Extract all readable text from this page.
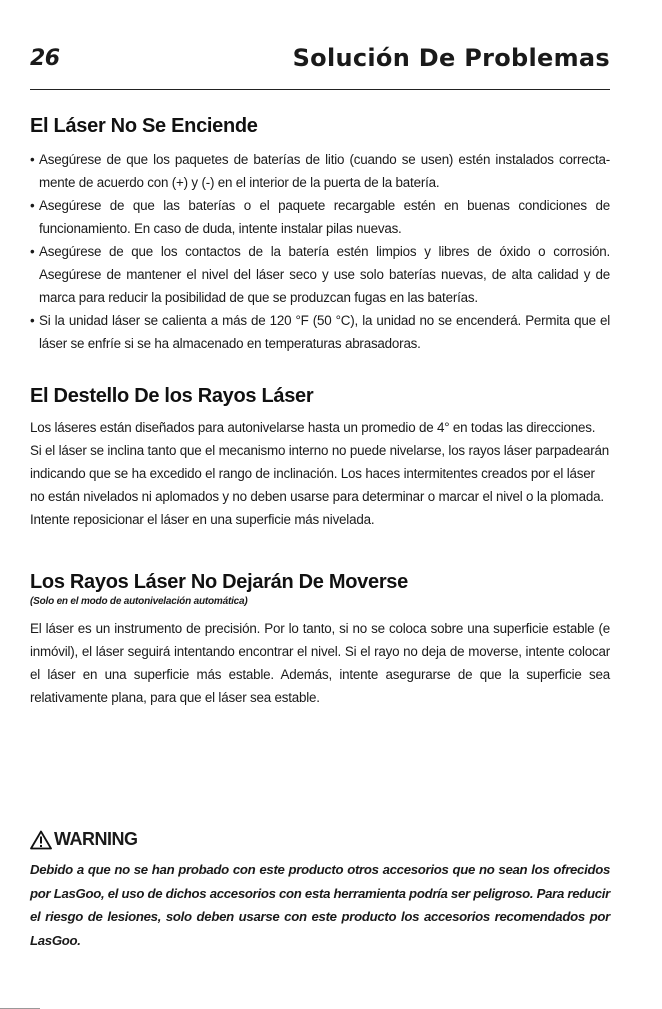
26	Solución De Problemas
El Láser No Se Enciende
• Asegúrese de que los paquetes de baterías de litio (cuando se usen) estén instalados correcta-mente de acuerdo con (+) y (-) en el interior de la puerta de la batería.
• Asegúrese de que las baterías o el paquete recargable estén en buenas condiciones de funcionamiento. En caso de duda, intente instalar pilas nuevas.
• Asegúrese de que los contactos de la batería estén limpios y libres de óxido o corrosión. Asegúrese de mantener el nivel del láser seco y use solo baterías nuevas, de alta calidad y de marca para reducir la posibilidad de que se produzcan fugas en las baterías.
• Si la unidad láser se calienta a más de 120 °F (50 °C), la unidad no se encenderá. Permita que el láser se enfríe si se ha almacenado en temperaturas abrasadoras.
El Destello De los Rayos Láser

Los láseres están diseñados para autonivelarse hasta un promedio de 4° en todas las direcciones. Si el láser se inclina tanto que el mecanismo interno no puede nivelarse, los rayos láser parpadearán indicando que se ha excedido el rango de inclinación. Los haces intermitentes creados por el láser no están nivelados ni aplomados y no deben usarse para determinar o marcar el nivel o la plomada. Intente reposicionar el láser en una superficie más nivelada.

Los Rayos Láser No Dejarán De Moverse
(Solo en el modo de autonivelación automática)

El láser es un instrumento de precisión. Por lo tanto, si no se coloca sobre una superficie estable (e inmóvil), el láser seguirá intentando encontrar el nivel. Si el rayo no deja de moverse, intente colocar el láser en una superficie más estable. Además, intente asegurarse de que la superficie sea relativamente plana, para que el láser sea estable.

WARNING

Debido a que no se han probado con este producto otros accesorios que no sean los ofrecidos por LasGoo, el uso de dichos accesorios con esta herramienta podría ser peligroso. Para reducir el riesgo de lesiones, solo deben usarse con este producto los accesorios recomendados por LasGoo.
